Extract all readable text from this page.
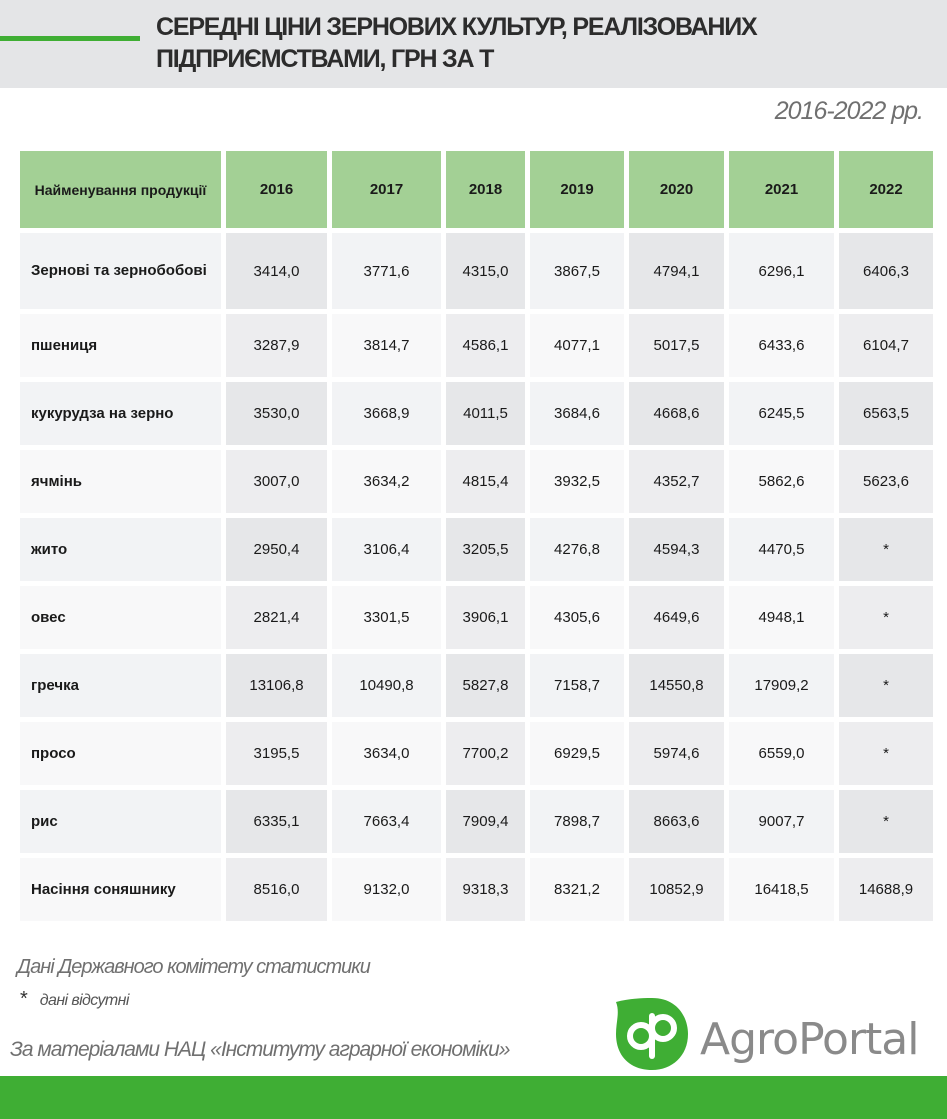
СЕРЕДНІ ЦІНИ ЗЕРНОВИХ КУЛЬТУР, РЕАЛІЗОВАНИХ ПІДПРИЄМСТВАМИ, ГРН ЗА Т
2016-2022 рр.
Найменування продукції	2016	2017	2018	2019	2020	2021	2022
Зернові та зернобобові	3414,0	3771,6	4315,0	3867,5	4794,1	6296,1	6406,3
пшениця	3287,9	3814,7	4586,1	4077,1	5017,5	6433,6	6104,7
кукурудза на зерно	3530,0	3668,9	4011,5	3684,6	4668,6	6245,5	6563,5
ячмінь	3007,0	3634,2	4815,4	3932,5	4352,7	5862,6	5623,6
жито	2950,4	3106,4	3205,5	4276,8	4594,3	4470,5	*
овес	2821,4	3301,5	3906,1	4305,6	4649,6	4948,1	*
гречка	13106,8	10490,8	5827,8	7158,7	14550,8	17909,2	*
просо	3195,5	3634,0	7700,2	6929,5	5974,6	6559,0	*
рис	6335,1	7663,4	7909,4	7898,7	8663,6	9007,7	*
Насіння соняшнику	8516,0	9132,0	9318,3	8321,2	10852,9	16418,5	14688,9
Дані Державного комітету статистики
* дані відсутні
За матеріалами НАЦ «Інституту аграрної економіки»	AgroPortal
